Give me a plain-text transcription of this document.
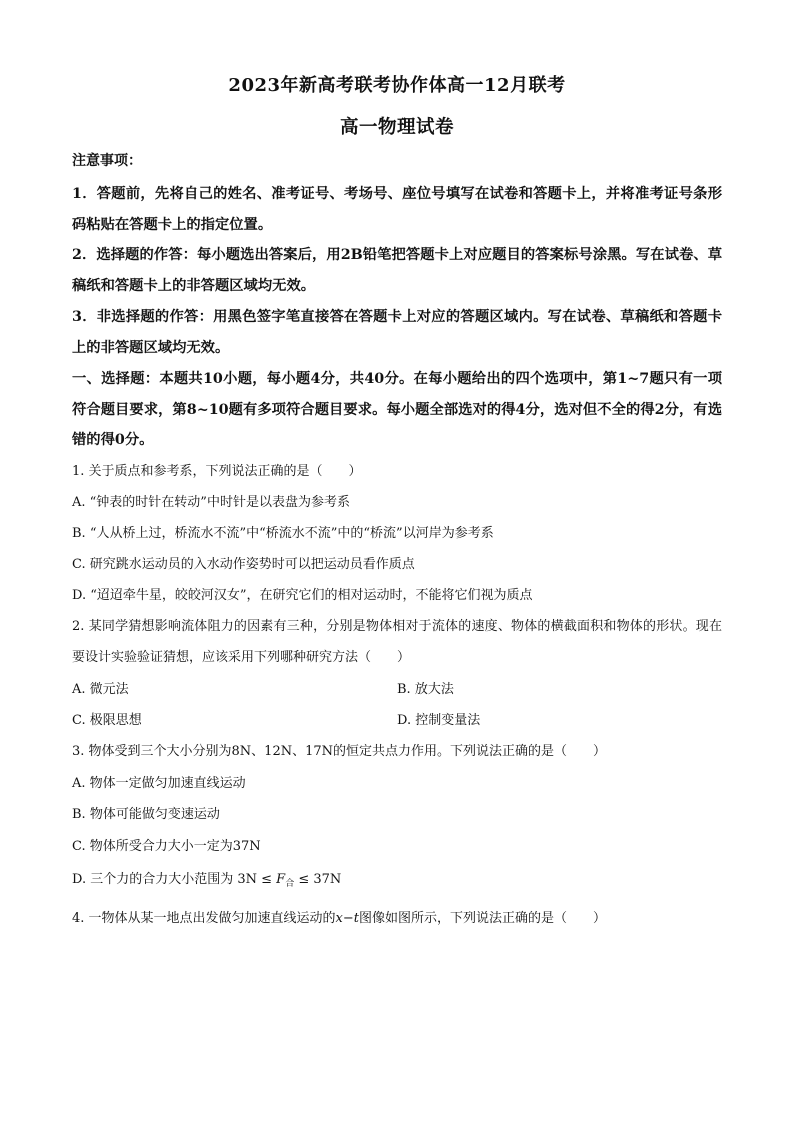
2023年新高考联考协作体高一12月联考
高一物理试卷
注意事项：
1．答题前，先将自己的姓名、准考证号、考场号、座位号填写在试卷和答题卡上，并将准考证号条形码粘贴在答题卡上的指定位置。
2．选择题的作答：每小题选出答案后，用2B铅笔把答题卡上对应题目的答案标号涂黑。写在试卷、草稿纸和答题卡上的非答题区域均无效。
3．非选择题的作答：用黑色签字笔直接答在答题卡上对应的答题区域内。写在试卷、草稿纸和答题卡上的非答题区域均无效。
一、选择题：本题共10小题，每小题4分，共40分。在每小题给出的四个选项中，第1~7题只有一项符合题目要求，第8~10题有多项符合题目要求。每小题全部选对的得4分，选对但不全的得2分，有选错的得0分。
1. 关于质点和参考系，下列说法正确的是（　　）
A. “钟表的时针在转动”中时针是以表盘为参考系
B. “人从桥上过，桥流水不流”中“桥流水不流”中的“桥流”以河岸为参考系
C. 研究跳水运动员的入水动作姿势时可以把运动员看作质点
D. “迢迢牵牛星，皎皎河汉女”，在研究它们的相对运动时，不能将它们视为质点
2. 某同学猜想影响流体阻力的因素有三种，分别是物体相对于流体的速度、物体的横截面积和物体的形状。现在要设计实验验证猜想，应该采用下列哪种研究方法（　　）
A. 微元法	B. 放大法
C. 极限思想	D. 控制变量法
3. 物体受到三个大小分别为8N、12N、17N的恒定共点力作用。下列说法正确的是（　　）
A. 物体一定做匀加速直线运动
B. 物体可能做匀变速运动
C. 物体所受合力大小一定为37N
D. 三个力的合力大小范围为 $3N \le F_合 \le 37N$
4. 一物体从某一地点出发做匀加速直线运动的x−t图像如图所示，下列说法正确的是（　　）
